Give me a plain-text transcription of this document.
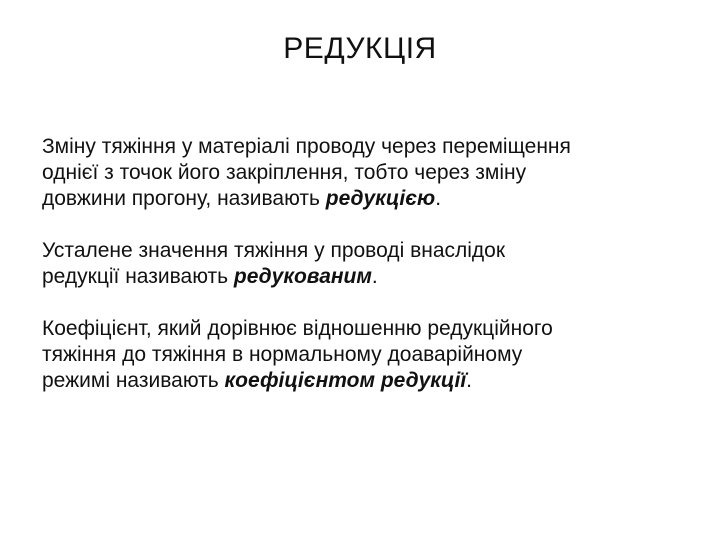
РЕДУКЦІЯ

Зміну тяжіння у матеріалі проводу через переміщення
однієї з точок його закріплення, тобто через зміну
довжини прогону, називають редукцією.

Усталене значення тяжіння у проводі внаслідок
редукції називають редукованим.

Коефіцієнт, який дорівнює відношенню редукційного
тяжіння до тяжіння в нормальному доаварійному
режимі називають коефіцієнтом редукції.
